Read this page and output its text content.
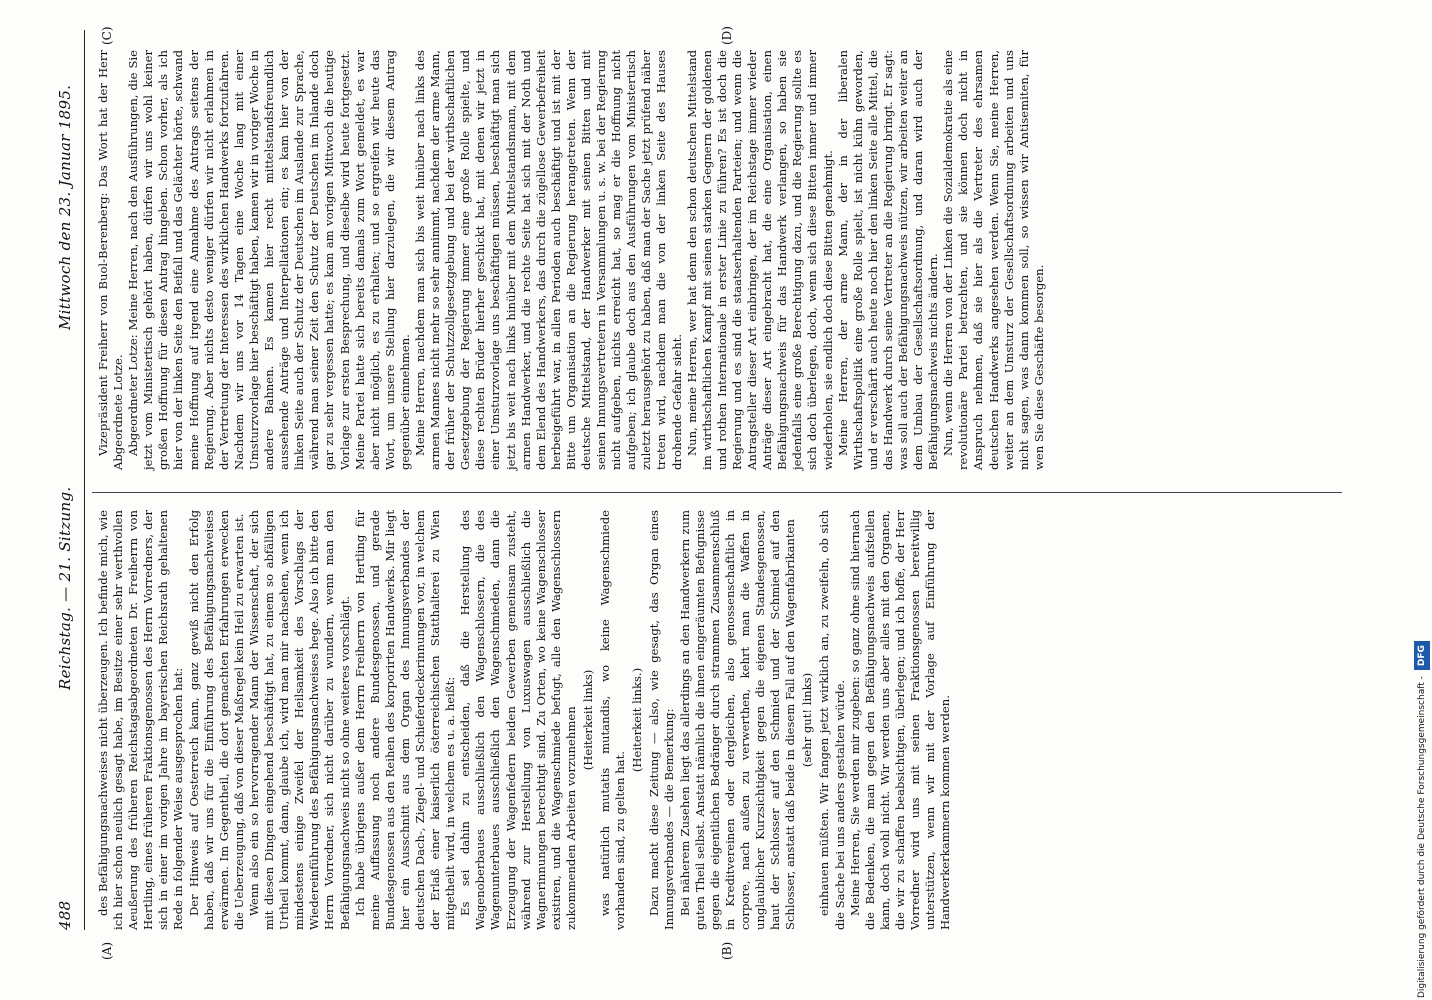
488
Reichstag. — 21. Sitzung.
Mittwoch den 23. Januar 1895.
(A)	(B)
(C)	(D)

des Befähigungsnachweises nicht überzeugen. Ich befinde mich, wie ich hier schon neulich gesagt habe, im Besitze einer sehr werthvollen Aeußerung des früheren Reichstagsabgeordneten Dr. Freiherrn von Hertling, eines früheren Fraktionsgenossen des Herrn Vorredners, der sich in einer im vorigen Jahre im bayerischen Reichsrath gehaltenen Rede in folgender Weise ausgesprochen hat: Der Hinweis auf Oesterreich kann, ganz gewiß nicht den Erfolg haben, daß wir uns für die Einführung des Befähigungsnachweises erwärmen. Im Gegentheil, die dort gemachten Erfahrungen erwecken die Ueberzeugung, daß von dieser Maßregel kein Heil zu erwarten ist. Wenn also ein so hervorragender Mann der Wissenschaft, der sich mit diesen Dingen eingehend beschäftigt hat, zu einem so abfälligen Urtheil kommt, dann, glaube ich, wird man mir nachsehen, wenn ich mindestens einige Zweifel der Heilsamkeit des Vorschlags der Wiedereinführung des Befähigungsnachweises hege. Also ich bitte den Herrn Vorredner, sich nicht darüber zu wundern, wenn man den Befähigungsnachweis nicht so ohne weiteres vorschlägt. Ich habe übrigens außer dem Herrn Freiherrn von Hertling für meine Auffassung noch andere Bundesgenossen, und gerade Bundesgenossen aus den Reihen des korporirten Handwerks. Mir liegt hier ein Ausschnitt aus dem Organ des Innungsverbandes der deutschen Dach-, Ziegel- und Schieferdeckerinnungen vor, in welchem der Erlaß einer kaiserlich österreichischen Statthalterei zu Wien mitgetheilt wird, in welchem es u. a. heißt: Es sei dahin zu entscheiden, daß die Herstellung des Wagenoberbaues ausschließlich den Wagenschlossern, die des Wagenunterbaues ausschließlich den Wagenschmieden, dann die Erzeugung der Wagenfedern beiden Gewerben gemeinsam zusteht, während zur Herstellung von Luxuswagen ausschließlich die Wagnerinnungen berechtigt sind. Zu Orten, wo keine Wagenschlosser existiren, und die Wagenschmiede befugt, alle den Wagenschlossern zukommenden Arbeiten vorzunehmen (Heiterkeit links) was natürlich mutatis mutandis, wo keine Wagenschmiede vorhanden sind, zu gelten hat.

(Heiterkeit links.) Dazu macht diese Zeitung — also, wie gesagt, das Organ eines Innungsverbandes — die Bemerkung: Bei näherem Zusehen liegt das allerdings an den Handwerkern zum guten Theil selbst. Anstatt nämlich die ihnen eingeräumten Befugnisse gegen die eigentlichen Bedränger durch strammen Zusammenschluß in Kreditvereinen oder dergleichen, also genossenschaftlich in corpore, nach außen zu verwerthen, kehrt man die Waffen in unglaublicher Kurzsichtigkeit gegen die eigenen Standesgenossen, haut der Schlosser auf den Schmied und der Schmied auf den Schlosser, anstatt daß beide in diesem Fall auf den Wagenfabrikanten (sehr gut! links) einhauen müßten. Wir fangen jetzt wirklich an, zu zweifeln, ob sich die Sache bei uns anders gestalten würde. Meine Herren, Sie werden mir zugeben: so ganz ohne sind hiernach die Bedenken, die man gegen den Befähigungsnachweis aufstellen kann, doch wohl nicht. Wir werden uns aber alles mit den Organen, die wir zu schaffen beabsichtigen, überlegen; und ich hoffe, der Herr Vorredner wird uns mit seinen Fraktionsgenossen bereitwillig unterstützen, wenn wir mit der Vorlage auf Einführung der Handwerkerkammern kommen werden.

Vizepräsident Freiherr von Buol-Berenberg: Das Wort hat der Herr Abgeordnete Lotze. Abgeordneter Lotze: Meine Herren, nach den Ausführungen, die Sie jetzt vom Ministertisch gehört haben, dürfen wir uns wohl keiner großen Hoffnung für diesen Antrag hingeben. Schon vorher, als ich hier von der linken Seite den Beifall und das Gelächter hörte, schwand meine Hoffnung auf irgend eine Annahme des Antrags seitens der Regierung. Aber nichts desto weniger dürfen wir nicht erlahmen in der Vertretung der Interessen des wirklichen Handwerks fortzufahren. Nachdem wir uns vor 14 Tagen eine Woche lang mit einer Umsturzvorlage hier beschäftigt haben, kamen wir in voriger Woche in andere Bahnen. Es kamen hier recht mittelstandsfreundlich aussehende Anträge und Interpellationen ein; es kam hier von der linken Seite auch der Schutz der Deutschen im Auslande zur Sprache, während man seiner Zeit den Schutz der Deutschen im Inlande doch gar zu sehr vergessen hatte; es kam am vorigen Mittwoch die heutige Vorlage zur ersten Besprechung, und dieselbe wird heute fortgesetzt. Meine Partei hatte sich bereits damals zum Wort gemeldet, es war aber nicht möglich, es zu erhalten; und so ergreifen wir heute das Wort, um unsere Stellung hier darzulegen, die wir diesem Antrag gegenüber einnehmen. Meine Herren, nachdem man sich bis weit hinüber nach links des armen Mannes nicht mehr so sehr annimmt, nachdem der arme Mann, der früher der Schutzzollgesetzgebung und bei der wirthschaftlichen Gesetzgebung der Regierung immer eine große Rolle spielte, und diese rechten Brüder hierher geschickt hat, mit denen wir jetzt in einer Umsturzvorlage uns beschäftigen müssen, beschäftigt man sich jetzt bis weit nach links hinüber mit dem Mittelstandsmann, mit dem armen Handwerker, und die rechte Seite hat sich mit der Noth und dem Elend des Handwerkers, das durch die zügellose Gewerbefreiheit herbeigeführt war, in allen Perioden auch beschäftigt und ist mit der Bitte um Organisation an die Regierung herangetreten. Wenn der deutsche Mittelstand, der Handwerker mit seinen Bitten und mit seinen Innungsvertretern in Versammlungen u. s. w. bei der Regierung nicht aufgeben, nichts erreicht hat, so mag er die Hoffnung nicht aufgeben; ich glaube doch aus den Ausführungen vom Ministertisch zuletzt herausgehört zu haben, daß man der Sache jetzt prüfend näher treten wird, nachdem man die von der linken Seite des Hauses drohende Gefahr sieht. Nun, meine Herren, wer hat denn den schon deutschen Mittelstand im wirthschaftlichen Kampf mit seinen starken Gegnern der goldenen und rothen Internationale in erster Linie zu führen? Es ist doch die Regierung und es sind die staatserhaltenden Parteien; und wenn die Antragsteller dieser Art einbringen, der im Reichstage immer wieder Anträge dieser Art eingebracht hat, die eine Organisation, einen Befähigungsnachweis für das Handwerk verlangen, so haben sie jedenfalls eine große Berechtigung dazu, und die Regierung sollte es sich doch überlegen, doch, wenn sich diese Bitten immer und immer wiederholen, sie endlich doch diese Bitten genehmigt. Meine Herren, der arme Mann, der in der liberalen Wirthschaftspolitik eine große Rolle spielt, ist nicht kühn geworden, und er verschärft auch heute noch hier den linken Seite alle Mittel, die das Handwerk durch seine Vertreter an die Regierung bringt. Er sagt: was soll auch der Befähigungsnachweis nützen, wir arbeiten weiter an dem Umbau der Gesellschaftsordnung, und daran wird auch der Befähigungsnachweis nichts ändern. Nun, wenn die Herren von der Linken die Sozialdemokratie als eine revolutionäre Partei betrachten, und sie können doch nicht in Anspruch nehmen, daß sie hier als die Vertreter des ehrsamen deutschen Handwerks angesehen werden. Wenn Sie, meine Herren, weiter an dem Umsturz der Gesellschaftsordnung arbeiten und uns nicht sagen, was dann kommen soll, so wissen wir Antisemiten, für wen Sie diese Geschäfte besorgen.

Digitalisierung gefördert durch die Deutsche Forschungsgemeinschaft -DFG
